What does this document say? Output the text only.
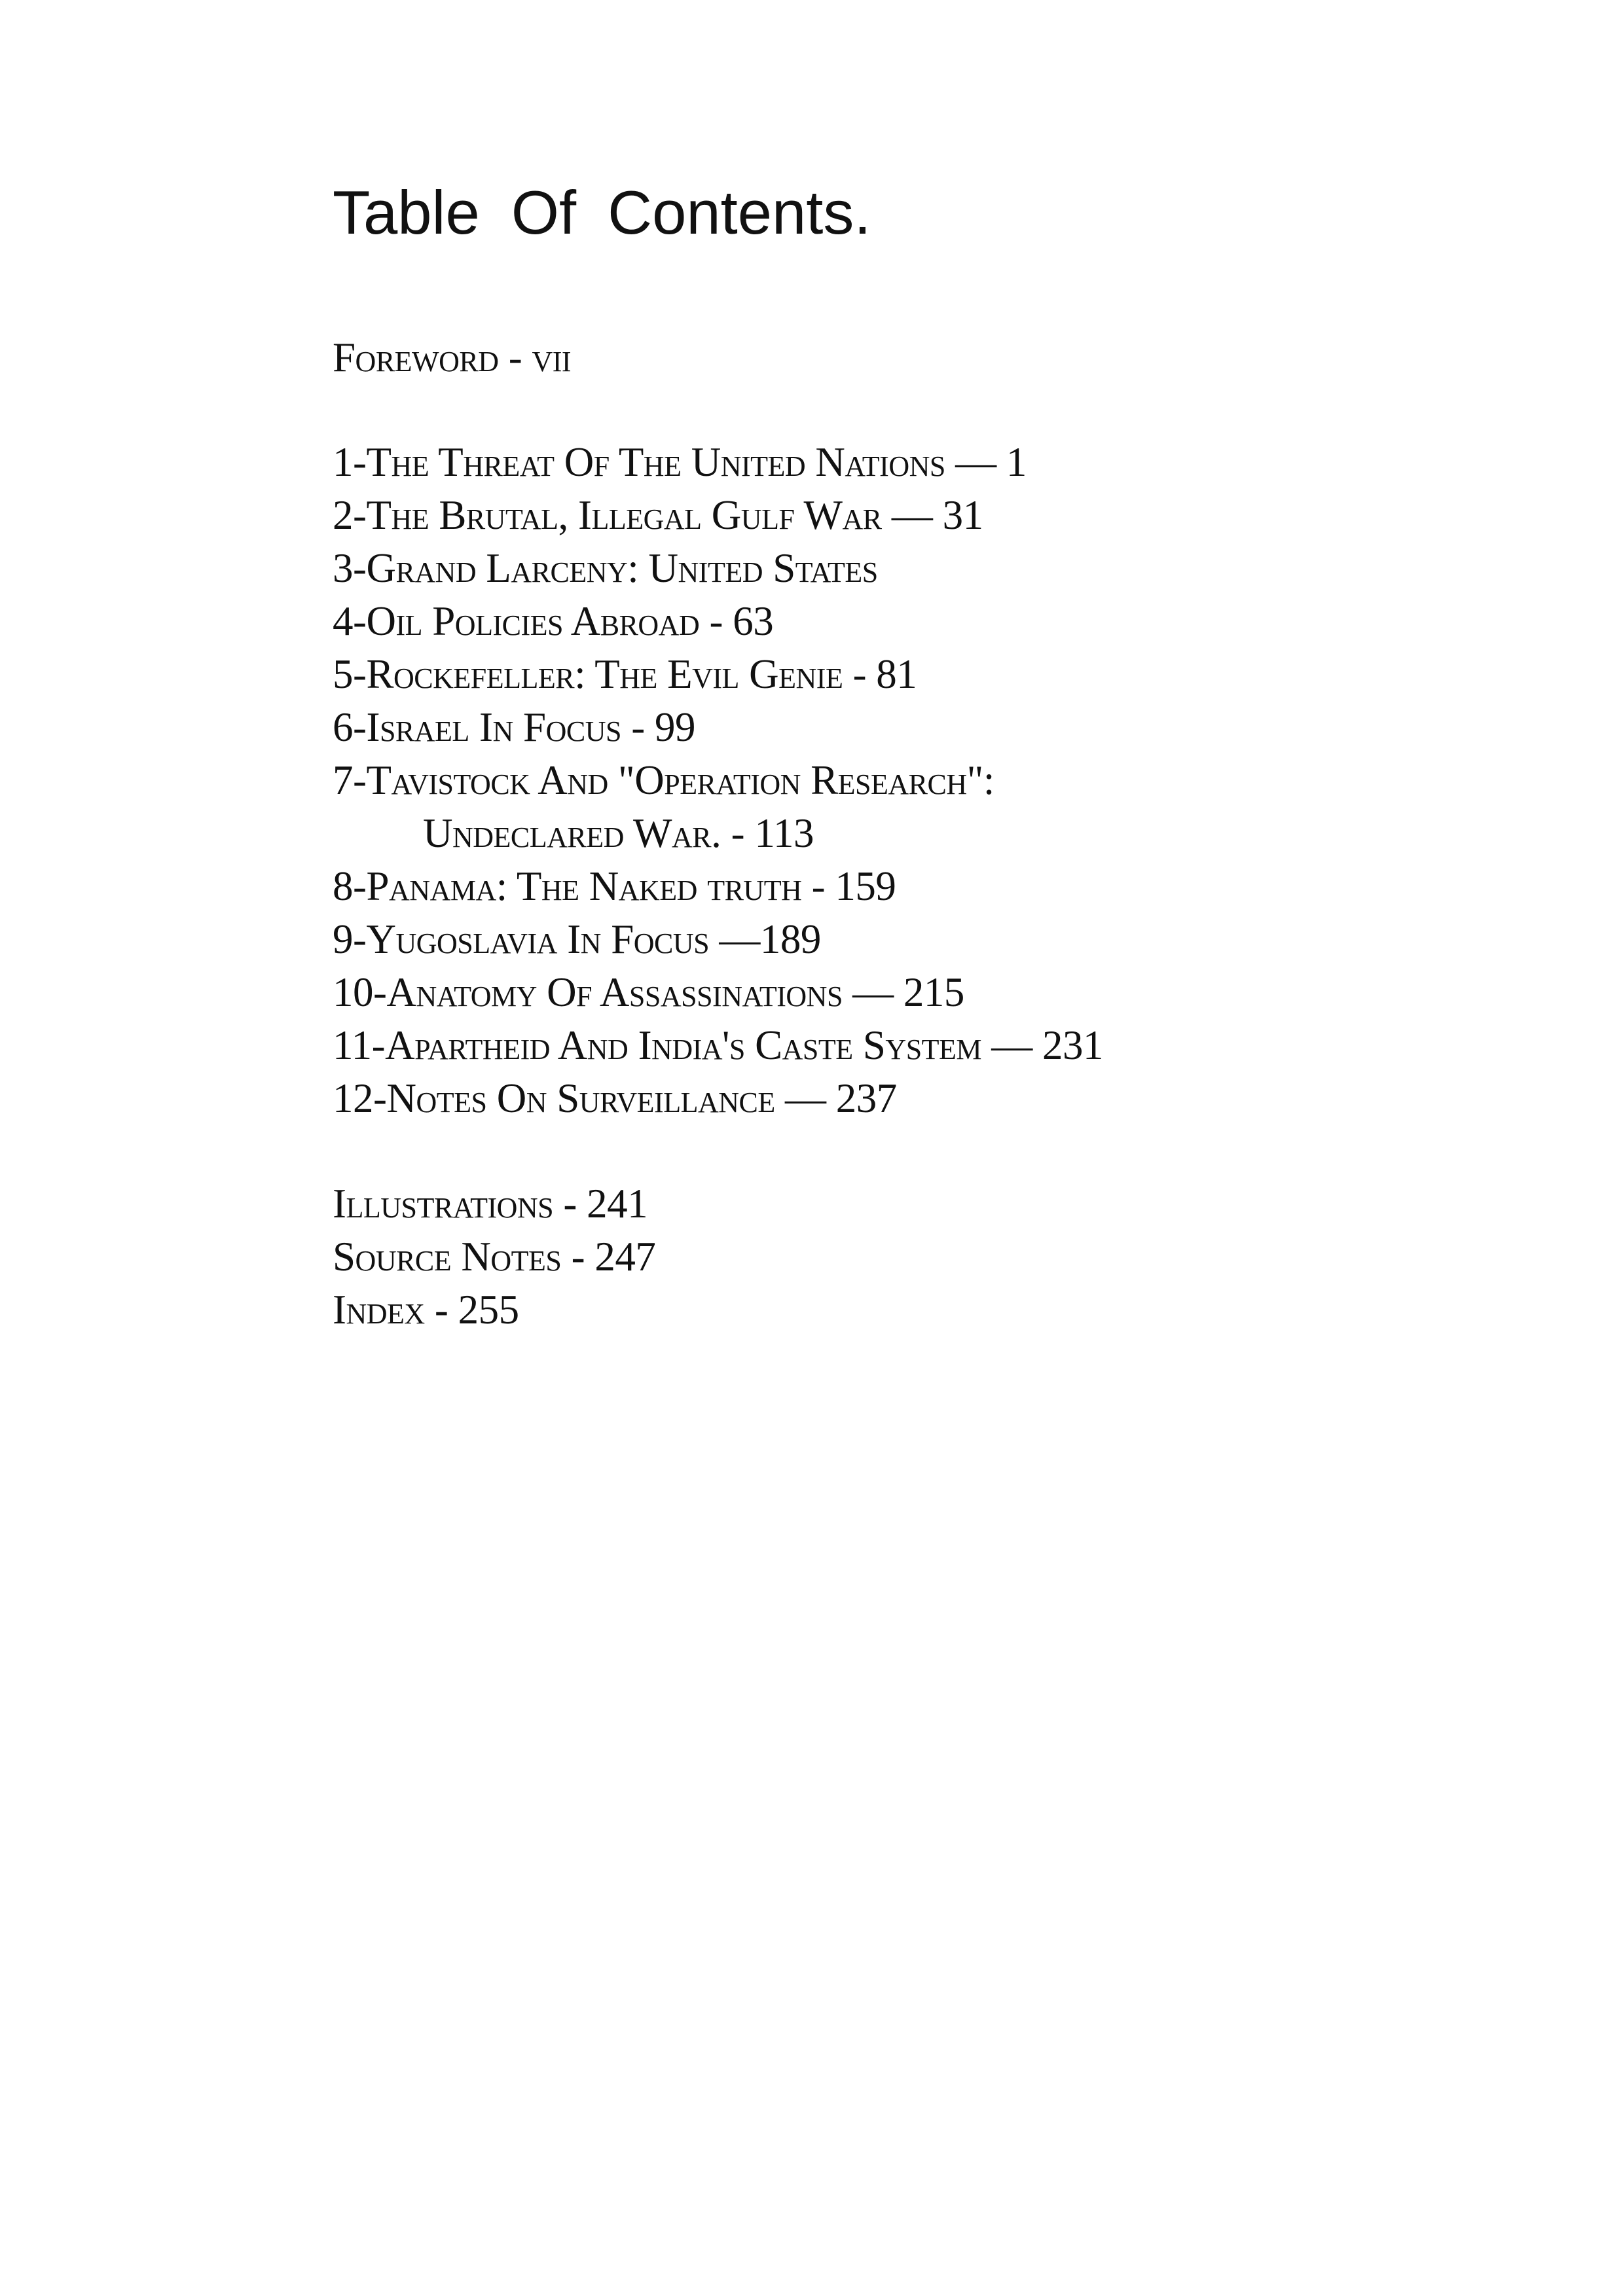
Table Of Contents.

Foreword - vii

1-The Threat Of The United Nations — 1

2-The Brutal, Illegal Gulf War — 31

3-Grand Larceny: United States

4-Oil Policies Abroad - 63

5-Rockefeller: The Evil Genie - 81

6-Israel In Focus - 99

7-Tavistock And "Operation Research":

Undeclared War. - 113

8-Panama: The Naked truth - 159

9-Yugoslavia In Focus —189

10-Anatomy Of Assassinations — 215

11-Apartheid And India's Caste System — 231

12-Notes On Surveillance — 237

Illustrations - 241

Source Notes - 247

Index - 255
